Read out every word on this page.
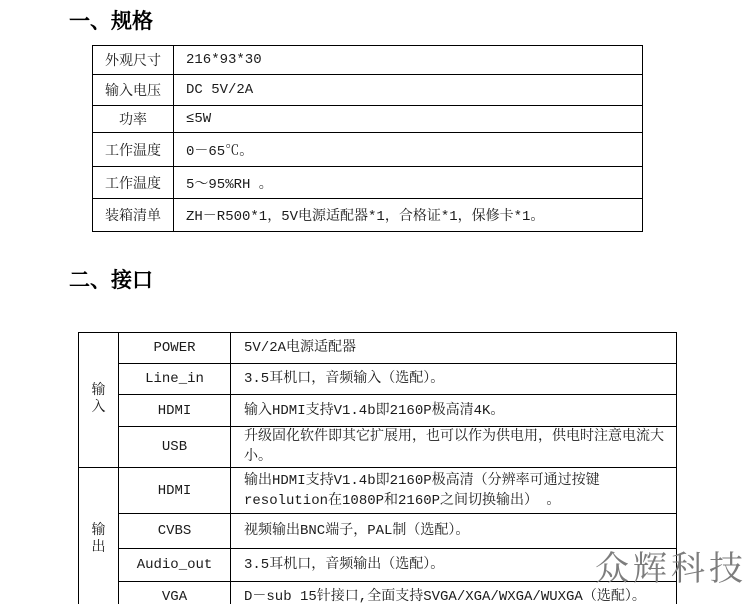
一、规格
外观尺寸	216*93*30
输入电压	DC 5V/2A
功率	≤5W
工作温度	0－65℃。
工作温度	5～95%RH 。
装箱清单	ZH－R500*1，5V电源适配器*1，合格证*1，保修卡*1。
二、接口
输入	POWER	5V/2A电源适配器
	Line_in	3.5耳机口，音频输入（选配）。
	HDMI	输入HDMI支持V1.4b即2160P极高清4K。
	USB	升级固化软件即其它扩展用，也可以作为供电用，供电时注意电流大小。
输出	HDMI	输出HDMI支持V1.4b即2160P极高清（分辨率可通过按键resolution在1080P和2160P之间切换输出） 。
	CVBS	视频输出BNC端子，PAL制（选配）。
	Audio_out	3.5耳机口，音频输出（选配）。
	VGA	D－sub 15针接口,全面支持SVGA/XGA/WXGA/WUXGA（选配）。
众辉科技
